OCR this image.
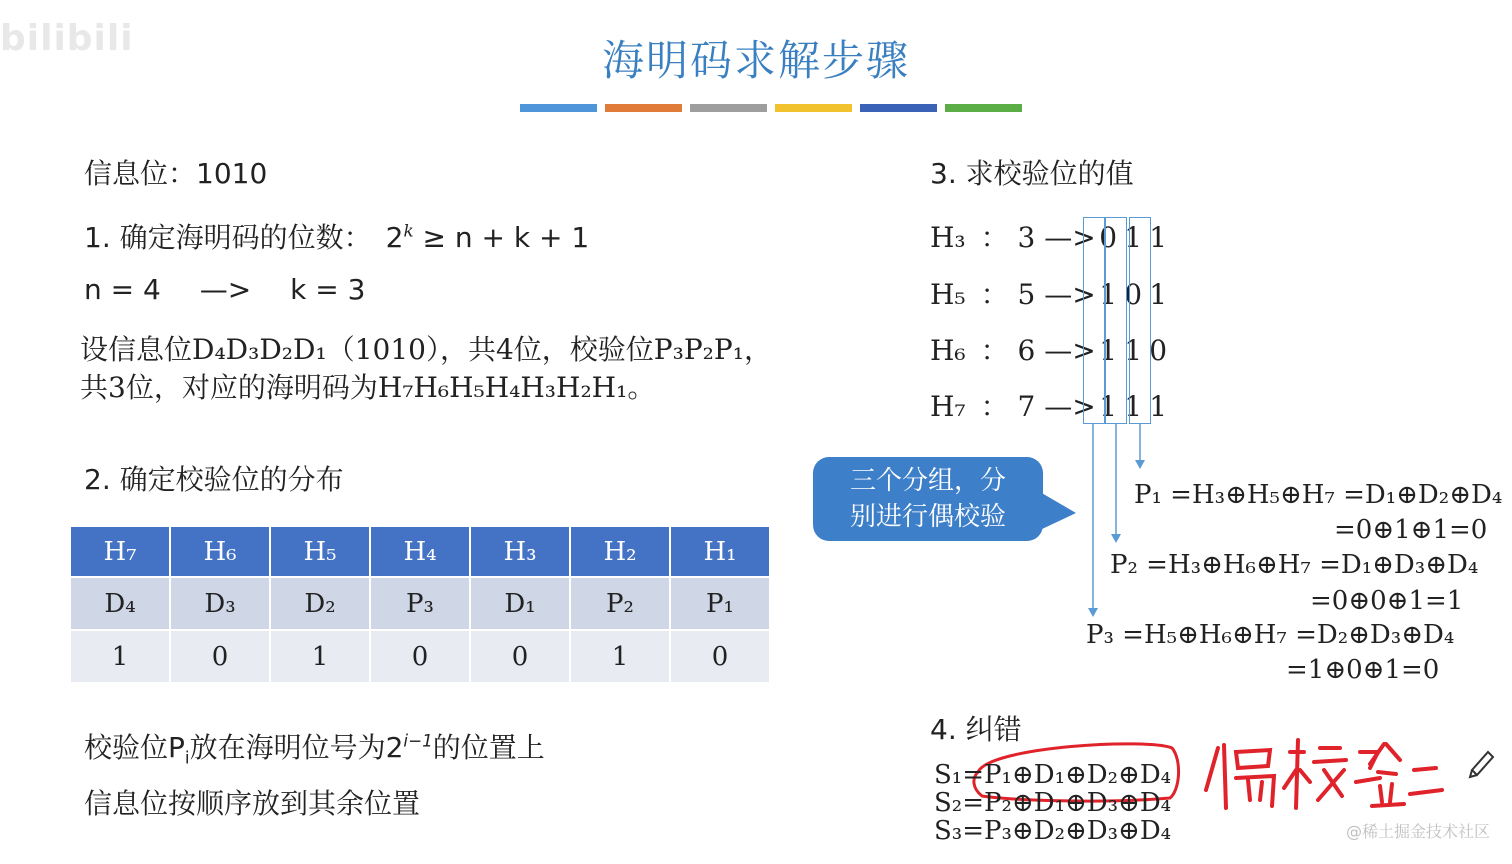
bilibili	海明码求解步骤
信息位：1010
1. 确定海明码的位数： $2^k \ge n + k + 1$
n = 4 —> k = 3
设信息位D₄D₃D₂D₁（1010），共4位，校验位P₃P₂P₁，
共3位，对应的海明码为H₇H₆H₅H₄H₃H₂H₁。
2. 确定校验位的分布
H₇	H₆	H₅	H₄	H₃	H₂	H₁
D₄	D₃	D₂	P₃	D₁	P₂	P₁
1	0	1	0	0	1	0
校验位$P_i$放在海明位号为$2^{i-1}$的位置上
信息位按顺序放到其余位置
3. 求校验位的值
H₃ ： 3 —> 0 1 1
H₅ ： 5 —> 1 0 1
H₆ ： 6 —> 1 1 0
H₇ ： 7 —> 1 1 1
三个分组，分
别进行偶校验
P₁ =H₃⊕H₅⊕H₇ =D₁⊕D₂⊕D₄
=0⊕1⊕1=0
P₂ =H₃⊕H₆⊕H₇ =D₁⊕D₃⊕D₄
=0⊕0⊕1=1
P₃ =H₅⊕H₆⊕H₇ =D₂⊕D₃⊕D₄
=1⊕0⊕1=0
4. 纠错
S₁=P₁⊕D₁⊕D₂⊕D₄
S₂=P₂⊕D₁⊕D₃⊕D₄
S₃=P₃⊕D₂⊕D₃⊕D₄	@稀土掘金技术社区
